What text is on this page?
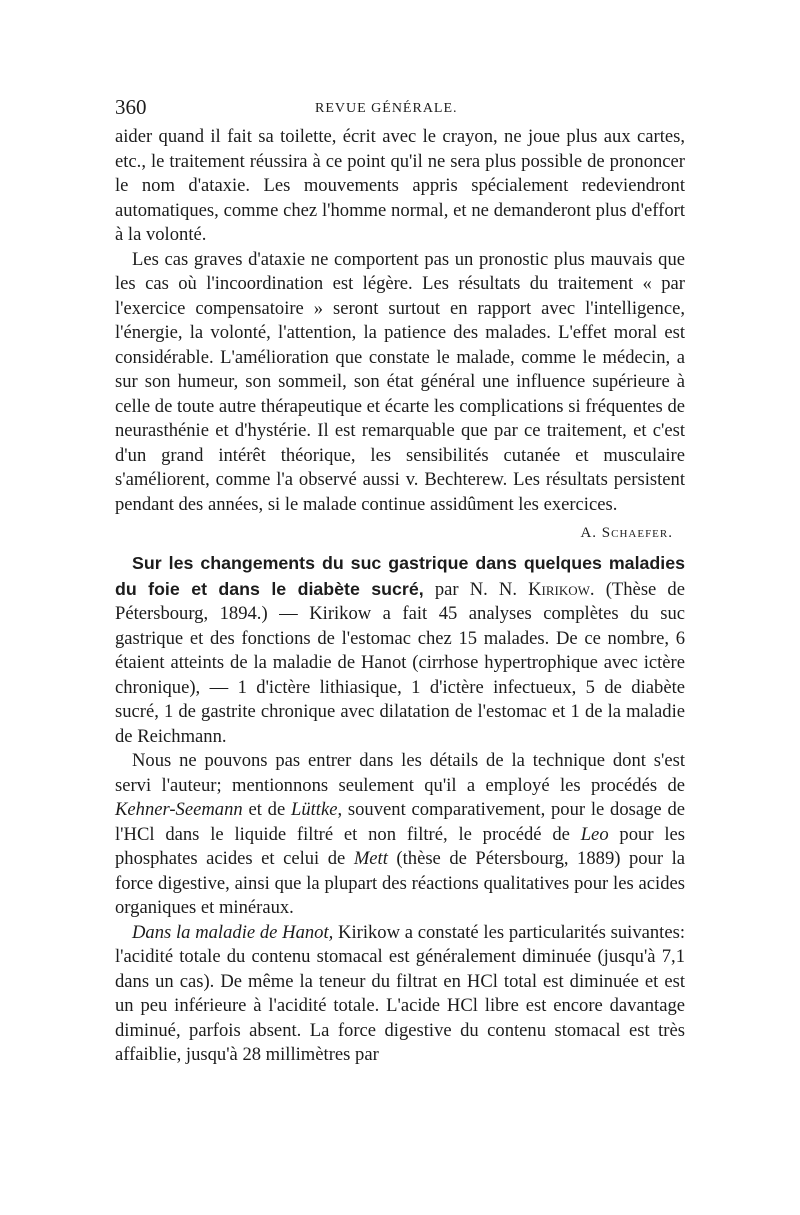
360	REVUE GÉNÉRALE.

aider quand il fait sa toilette, écrit avec le crayon, ne joue plus aux cartes, etc., le traitement réussira à ce point qu'il ne sera plus possible de prononcer le nom d'ataxie. Les mouvements appris spécialement redeviendront automatiques, comme chez l'homme normal, et ne demanderont plus d'effort à la volonté.

Les cas graves d'ataxie ne comportent pas un pronostic plus mauvais que les cas où l'incoordination est légère. Les résultats du traitement « par l'exercice compensatoire » seront surtout en rapport avec l'intelligence, l'énergie, la volonté, l'attention, la patience des malades. L'effet moral est considérable. L'amélioration que constate le malade, comme le médecin, a sur son humeur, son sommeil, son état général une influence supérieure à celle de toute autre thérapeutique et écarte les complications si fréquentes de neurasthénie et d'hystérie. Il est remarquable que par ce traitement, et c'est d'un grand intérêt théorique, les sensibilités cutanée et musculaire s'améliorent, comme l'a observé aussi v. Bechterew. Les résultats persistent pendant des années, si le malade continue assidûment les exercices.

A. Schaefer.

Sur les changements du suc gastrique dans quelques maladies du foie et dans le diabète sucré, par N. N. Kirikow. (Thèse de Pétersbourg, 1894.) — Kirikow a fait 45 analyses complètes du suc gastrique et des fonctions de l'estomac chez 15 malades. De ce nombre, 6 étaient atteints de la maladie de Hanot (cirrhose hypertrophique avec ictère chronique), — 1 d'ictère lithiasique, 1 d'ictère infectueux, 5 de diabète sucré, 1 de gastrite chronique avec dilatation de l'estomac et 1 de la maladie de Reichmann.

Nous ne pouvons pas entrer dans les détails de la technique dont s'est servi l'auteur; mentionnons seulement qu'il a employé les procédés de Kehner-Seemann et de Lüttke, souvent comparativement, pour le dosage de l'HCl dans le liquide filtré et non filtré, le procédé de Leo pour les phosphates acides et celui de Mett (thèse de Pétersbourg, 1889) pour la force digestive, ainsi que la plupart des réactions qualitatives pour les acides organiques et minéraux.

Dans la maladie de Hanot, Kirikow a constaté les particularités suivantes: l'acidité totale du contenu stomacal est généralement diminuée (jusqu'à 7,1 dans un cas). De même la teneur du filtrat en HCl total est diminuée et est un peu inférieure à l'acidité totale. L'acide HCl libre est encore davantage diminué, parfois absent. La force digestive du contenu stomacal est très affaiblie, jusqu'à 28 millimètres par
